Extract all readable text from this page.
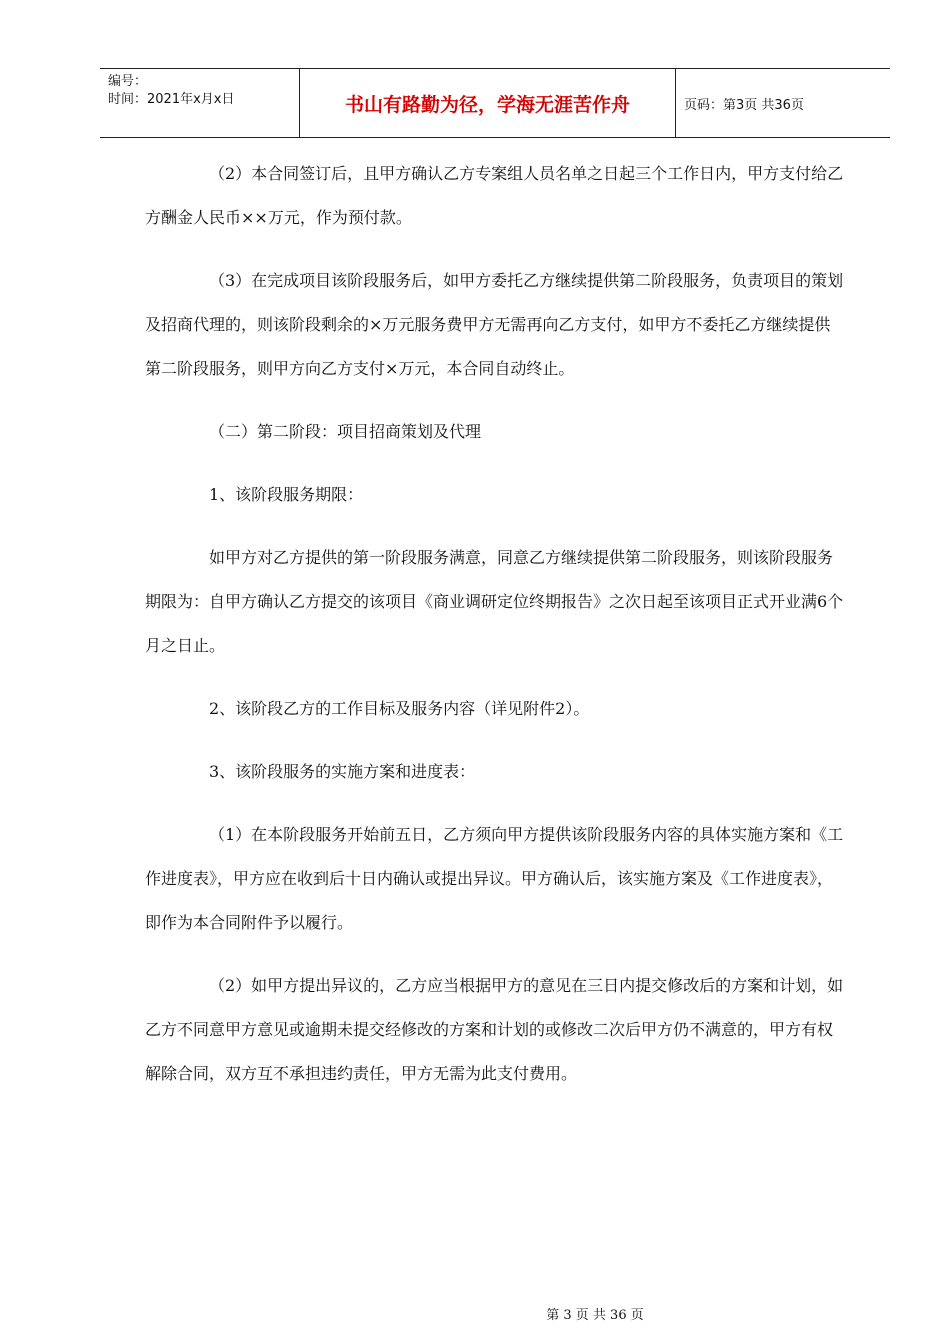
编号：
时间：2021年x月x日	书山有路勤为径，学海无涯苦作舟	页码：第3页 共36页

（2）本合同签订后，且甲方确认乙方专案组人员名单之日起三个工作日内，甲方支付给乙方酬金人民币××万元，作为预付款。

（3）在完成项目该阶段服务后，如甲方委托乙方继续提供第二阶段服务，负责项目的策划及招商代理的，则该阶段剩余的×万元服务费甲方无需再向乙方支付，如甲方不委托乙方继续提供第二阶段服务，则甲方向乙方支付×万元，本合同自动终止。

（二）第二阶段：项目招商策划及代理

1、该阶段服务期限：

如甲方对乙方提供的第一阶段服务满意，同意乙方继续提供第二阶段服务，则该阶段服务期限为：自甲方确认乙方提交的该项目《商业调研定位终期报告》之次日起至该项目正式开业满6个月之日止。

2、该阶段乙方的工作目标及服务内容（详见附件2）。

3、该阶段服务的实施方案和进度表：

（1）在本阶段服务开始前五日，乙方须向甲方提供该阶段服务内容的具体实施方案和《工作进度表》，甲方应在收到后十日内确认或提出异议。甲方确认后，该实施方案及《工作进度表》，即作为本合同附件予以履行。

（2）如甲方提出异议的，乙方应当根据甲方的意见在三日内提交修改后的方案和计划，如乙方不同意甲方意见或逾期未提交经修改的方案和计划的或修改二次后甲方仍不满意的，甲方有权解除合同，双方互不承担违约责任，甲方无需为此支付费用。

第 3 页 共 36 页
